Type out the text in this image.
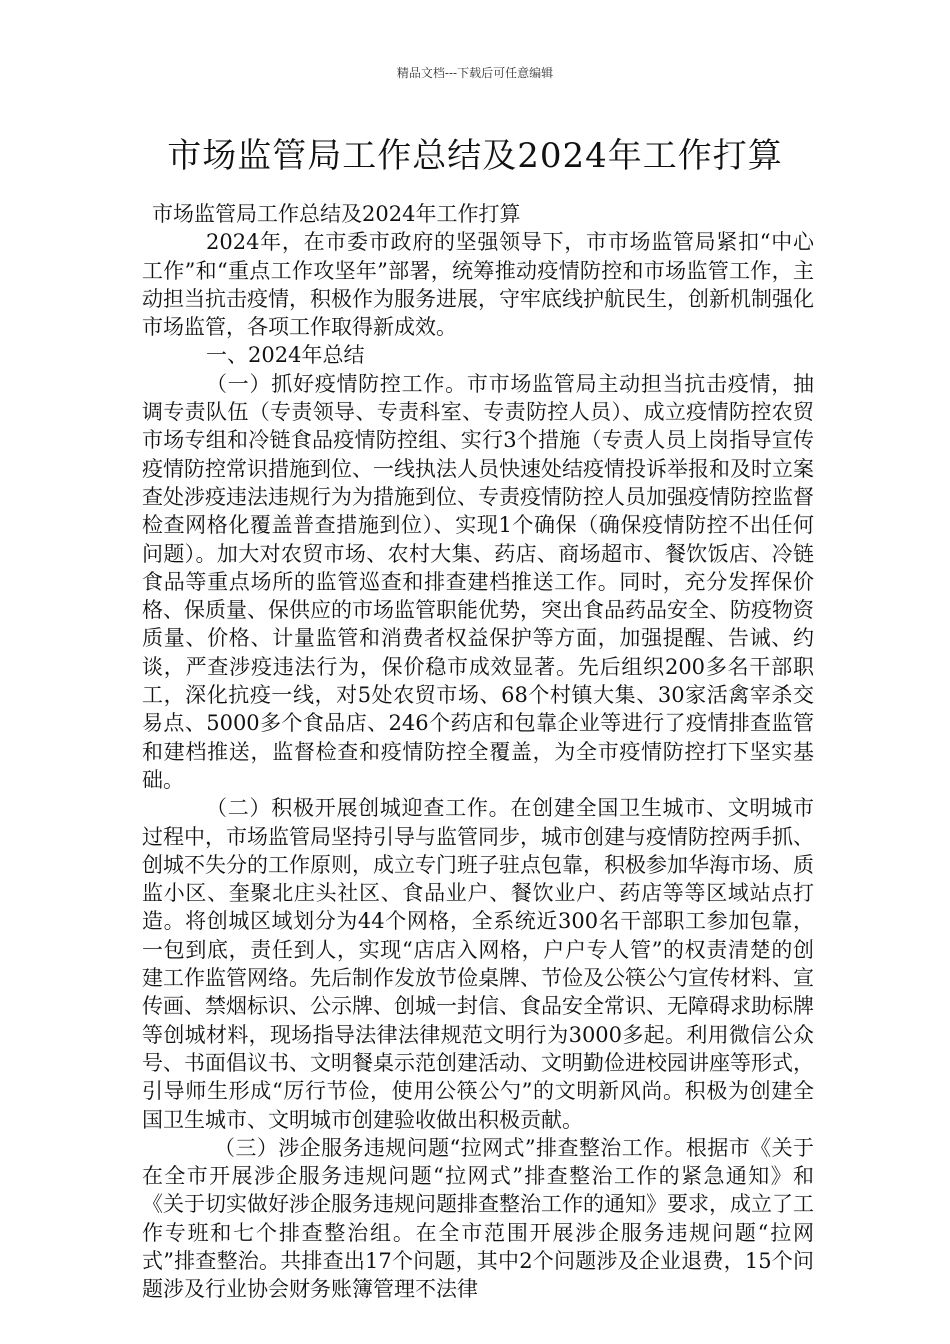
精品文档---下载后可任意编辑
市场监管局工作总结及2024年工作打算

市场监管局工作总结及2024年工作打算

2024年，在市委市政府的坚强领导下，市市场监管局紧扣“中心工作”和“重点工作攻坚年”部署，统筹推动疫情防控和市场监管工作，主动担当抗击疫情，积极作为服务进展，守牢底线护航民生，创新机制强化市场监管，各项工作取得新成效。

一、2024年总结

（一）抓好疫情防控工作。市市场监管局主动担当抗击疫情，抽调专责队伍（专责领导、专责科室、专责防控人员）、成立疫情防控农贸市场专组和冷链食品疫情防控组、实行3个措施（专责人员上岗指导宣传疫情防控常识措施到位、一线执法人员快速处结疫情投诉举报和及时立案查处涉疫违法违规行为为措施到位、专责疫情防控人员加强疫情防控监督检查网格化覆盖普查措施到位）、实现1个确保（确保疫情防控不出任何问题）。加大对农贸市场、农村大集、药店、商场超市、餐饮饭店、冷链食品等重点场所的监管巡查和排查建档推送工作。同时，充分发挥保价格、保质量、保供应的市场监管职能优势，突出食品药品安全、防疫物资质量、价格、计量监管和消费者权益保护等方面，加强提醒、告诫、约谈，严查涉疫违法行为，保价稳市成效显著。先后组织200多名干部职工，深化抗疫一线，对5处农贸市场、68个村镇大集、30家活禽宰杀交易点、5000多个食品店、246个药店和包靠企业等进行了疫情排查监管和建档推送，监督检查和疫情防控全覆盖，为全市疫情防控打下坚实基础。

（二）积极开展创城迎查工作。在创建全国卫生城市、文明城市过程中，市场监管局坚持引导与监管同步，城市创建与疫情防控两手抓、创城不失分的工作原则，成立专门班子驻点包靠，积极参加华海市场、质监小区、奎聚北庄头社区、食品业户、餐饮业户、药店等等区域站点打造。将创城区域划分为44个网格，全系统近300名干部职工参加包靠，一包到底，责任到人，实现“店店入网格，户户专人管”的权责清楚的创建工作监管网络。先后制作发放节俭桌牌、节俭及公筷公勺宣传材料、宣传画、禁烟标识、公示牌、创城一封信、食品安全常识、无障碍求助标牌等创城材料，现场指导法律法律规范文明行为3000多起。利用微信公众号、书面倡议书、文明餐桌示范创建活动、文明勤俭进校园讲座等形式，引导师生形成“厉行节俭，使用公筷公勺”的文明新风尚。积极为创建全国卫生城市、文明城市创建验收做出积极贡献。

（三）涉企服务违规问题“拉网式”排查整治工作。根据市《关于在全市开展涉企服务违规问题“拉网式”排查整治工作的紧急通知》和《关于切实做好涉企服务违规问题排查整治工作的通知》要求，成立了工作专班和七个排查整治组。在全市范围开展涉企服务违规问题“拉网式”排查整治。共排查出17个问题，其中2个问题涉及企业退费，15个问题涉及行业协会财务账簿管理不法律
